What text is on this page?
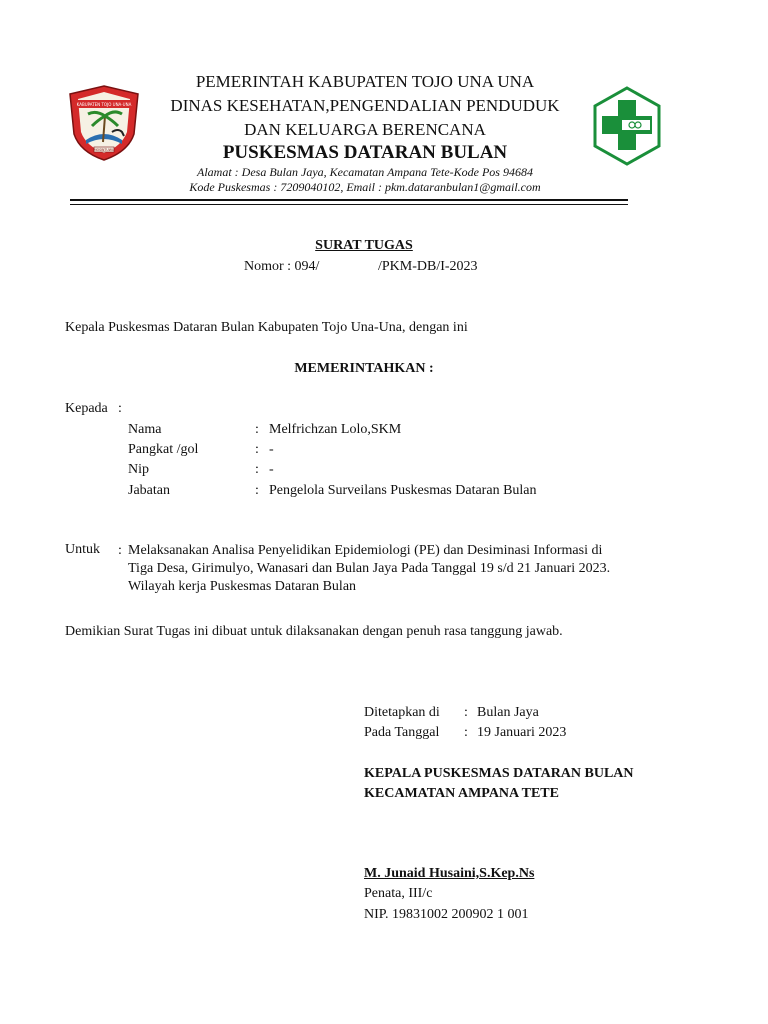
KABUPATEN TOJO UNA-UNA
MOSINTUWU
PEMERINTAH KABUPATEN TOJO UNA UNA
DINAS KESEHATAN,PENGENDALIAN PENDUDUK
DAN KELUARGA BERENCANA
PUSKESMAS DATARAN BULAN
Alamat : Desa Bulan Jaya, Kecamatan Ampana Tete-Kode Pos 94684
Kode Puskesmas : 7209040102, Email : pkm.dataranbulan1@gmail.com
SURAT TUGAS
Nomor : 094/	/PKM-DB/I-2023
Kepala Puskesmas Dataran Bulan Kabupaten Tojo Una-Una, dengan ini
MEMERINTAHKAN :
Kepada :
Nama	: Melfrichzan Lolo,SKM
Pangkat /gol	: -
Nip	: -
Jabatan	: Pengelola Surveilans Puskesmas Dataran Bulan
Untuk : Melaksanakan Analisa Penyelidikan Epidemiologi (PE) dan Desiminasi Informasi di
Tiga Desa, Girimulyo, Wanasari dan Bulan Jaya Pada Tanggal 19 s/d 21 Januari 2023.
Wilayah kerja Puskesmas Dataran Bulan
Demikian Surat Tugas ini dibuat untuk dilaksanakan dengan penuh rasa tanggung jawab.
Ditetapkan di : Bulan Jaya
Pada Tanggal : 19 Januari 2023
KEPALA PUSKESMAS DATARAN BULAN
KECAMATAN AMPANA TETE
M. Junaid Husaini,S.Kep.Ns
Penata, III/c
NIP. 19831002 200902 1 001
